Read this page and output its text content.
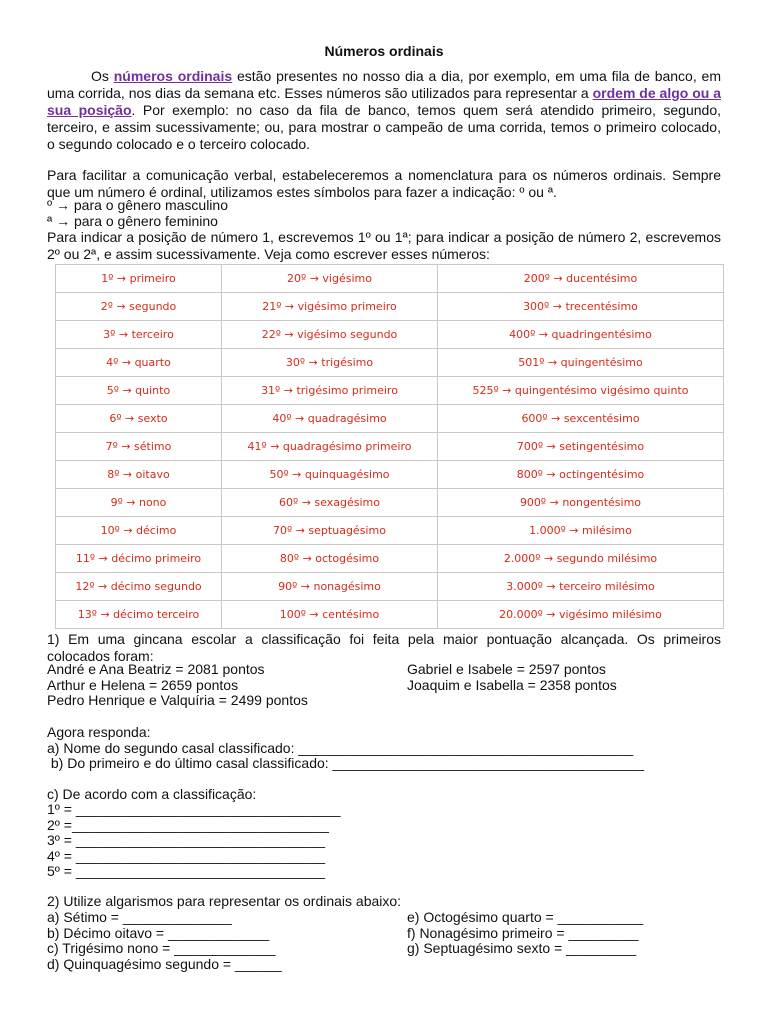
Números ordinais

Os números ordinais estão presentes no nosso dia a dia, por exemplo, em uma fila de banco, em uma corrida, nos dias da semana etc. Esses números são utilizados para representar a ordem de algo ou a sua posição. Por exemplo: no caso da fila de banco, temos quem será atendido primeiro, segundo, terceiro, e assim sucessivamente; ou, para mostrar o campeão de uma corrida, temos o primeiro colocado, o segundo colocado e o terceiro colocado.

Para facilitar a comunicação verbal, estabeleceremos a nomenclatura para os números ordinais. Sempre que um número é ordinal, utilizamos estes símbolos para fazer a indicação: º ou ª.

º → para o gênero masculino

ª → para o gênero feminino

Para indicar a posição de número 1, escrevemos 1º ou 1ª; para indicar a posição de número 2, escrevemos 2º ou 2ª, e assim sucessivamente. Veja como escrever esses números:

1º → primeiro	20º → vigésimo	200º → ducentésimo
2º → segundo	21º → vigésimo primeiro	300º → trecentésimo
3º → terceiro	22º → vigésimo segundo	400º → quadringentésimo
4º → quarto	30º → trigésimo	501º → quingentésimo
5º → quinto	31º → trigésimo primeiro	525º → quingentésimo vigésimo quinto
6º → sexto	40º → quadragésimo	600º → sexcentésimo
7º → sétimo	41º → quadragésimo primeiro	700º → setingentésimo
8º → oitavo	50º → quinquagésimo	800º → octingentésimo
9º → nono	60º → sexagésimo	900º → nongentésimo
10º → décimo	70º → septuagésimo	1.000º → milésimo
11º → décimo primeiro	80º → octogésimo	2.000º → segundo milésimo
12º → décimo segundo	90º → nonagésimo	3.000º → terceiro milésimo
13º → décimo terceiro	100º → centésimo	20.000º → vigésimo milésimo

1) Em uma gincana escolar a classificação foi feita pela maior pontuação alcançada. Os primeiros colocados foram:

André e Ana Beatriz = 2081 pontos	Gabriel e Isabele = 2597 pontos

Arthur e Helena = 2659 pontos	Joaquim e Isabella = 2358 pontos

Pedro Henrique e Valquíria = 2499 pontos

Agora responda:

a) Nome do segundo casal classificado: ___________________________________________

b) Do primeiro e do último casal classificado: ________________________________________

c) De acordo com a classificação:

1º = __________________________________

2º =_________________________________

3º = ________________________________

4º = ________________________________

5º = ________________________________

2) Utilize algarismos para representar os ordinais abaixo:

a) Sétimo = ______________	e) Octogésimo quarto = ___________

b) Décimo oitavo = _____________	f) Nonagésimo primeiro = _________

c) Trigésimo nono = _____________	g) Septuagésimo sexto = _________

d) Quinquagésimo segundo = ______
